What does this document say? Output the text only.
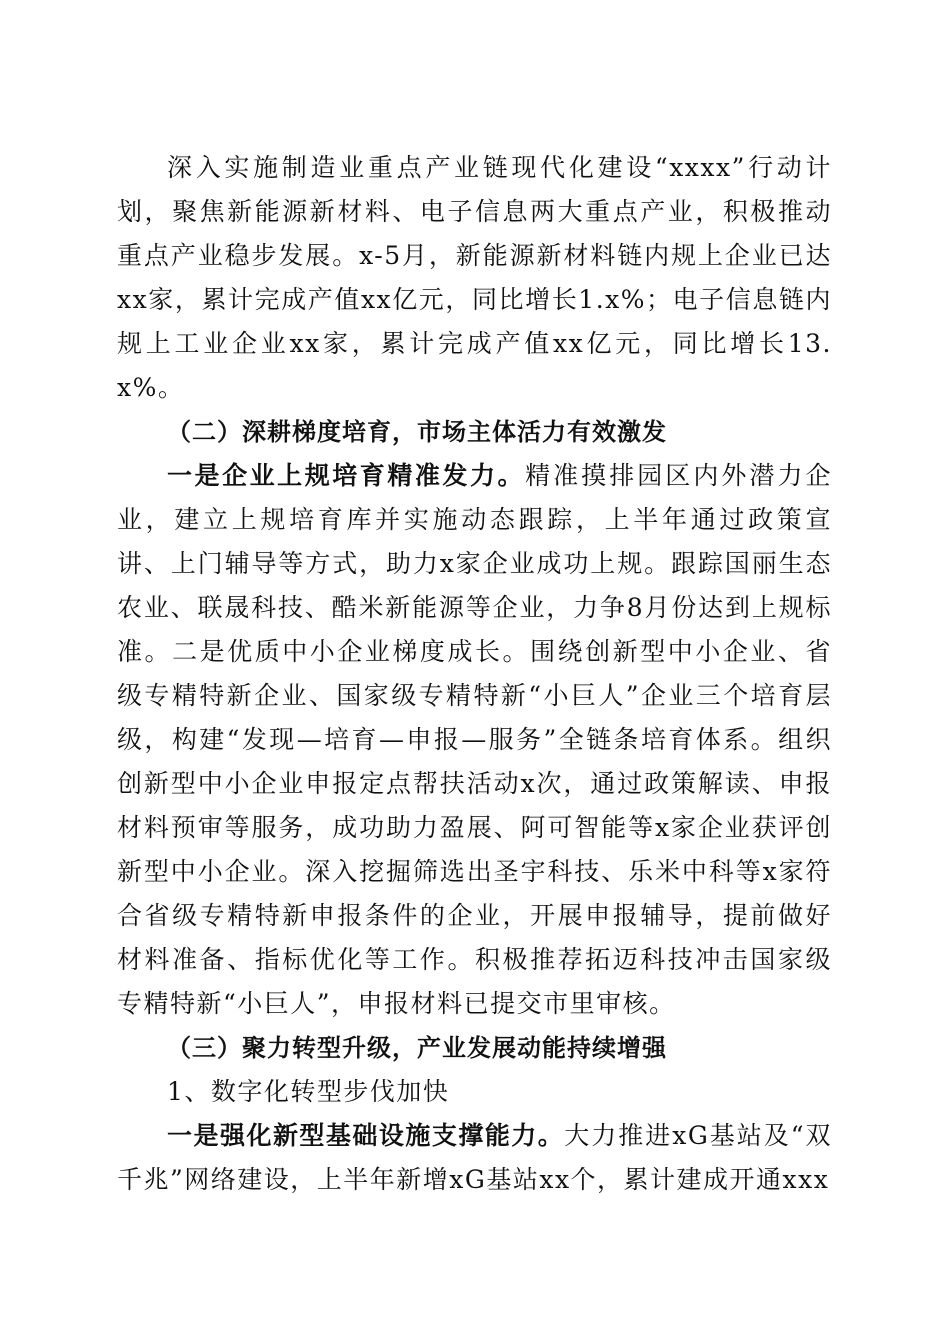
深入实施制造业重点产业链现代化建设“xxxx”行动计划，聚焦新能源新材料、电子信息两大重点产业，积极推动重点产业稳步发展。x-5月，新能源新材料链内规上企业已达xx家，累计完成产值xx亿元，同比增长1.x%；电子信息链内规上工业企业xx家，累计完成产值xx亿元，同比增长13.x%。

（二）深耕梯度培育，市场主体活力有效激发

一是企业上规培育精准发力。精准摸排园区内外潜力企业，建立上规培育库并实施动态跟踪，上半年通过政策宣讲、上门辅导等方式，助力x家企业成功上规。跟踪国丽生态农业、联晟科技、酷米新能源等企业，力争8月份达到上规标准。二是优质中小企业梯度成长。围绕创新型中小企业、省级专精特新企业、国家级专精特新“小巨人”企业三个培育层级，构建“发现—培育—申报—服务”全链条培育体系。组织创新型中小企业申报定点帮扶活动x次，通过政策解读、申报材料预审等服务，成功助力盈展、阿可智能等x家企业获评创新型中小企业。深入挖掘筛选出圣宇科技、乐米中科等x家符合省级专精特新申报条件的企业，开展申报辅导，提前做好材料准备、指标优化等工作。积极推荐拓迈科技冲击国家级专精特新“小巨人”，申报材料已提交市里审核。

（三）聚力转型升级，产业发展动能持续增强

1、数字化转型步伐加快

一是强化新型基础设施支撑能力。大力推进xG基站及“双千兆”网络建设，上半年新增xG基站xx个，累计建成开通xxx
